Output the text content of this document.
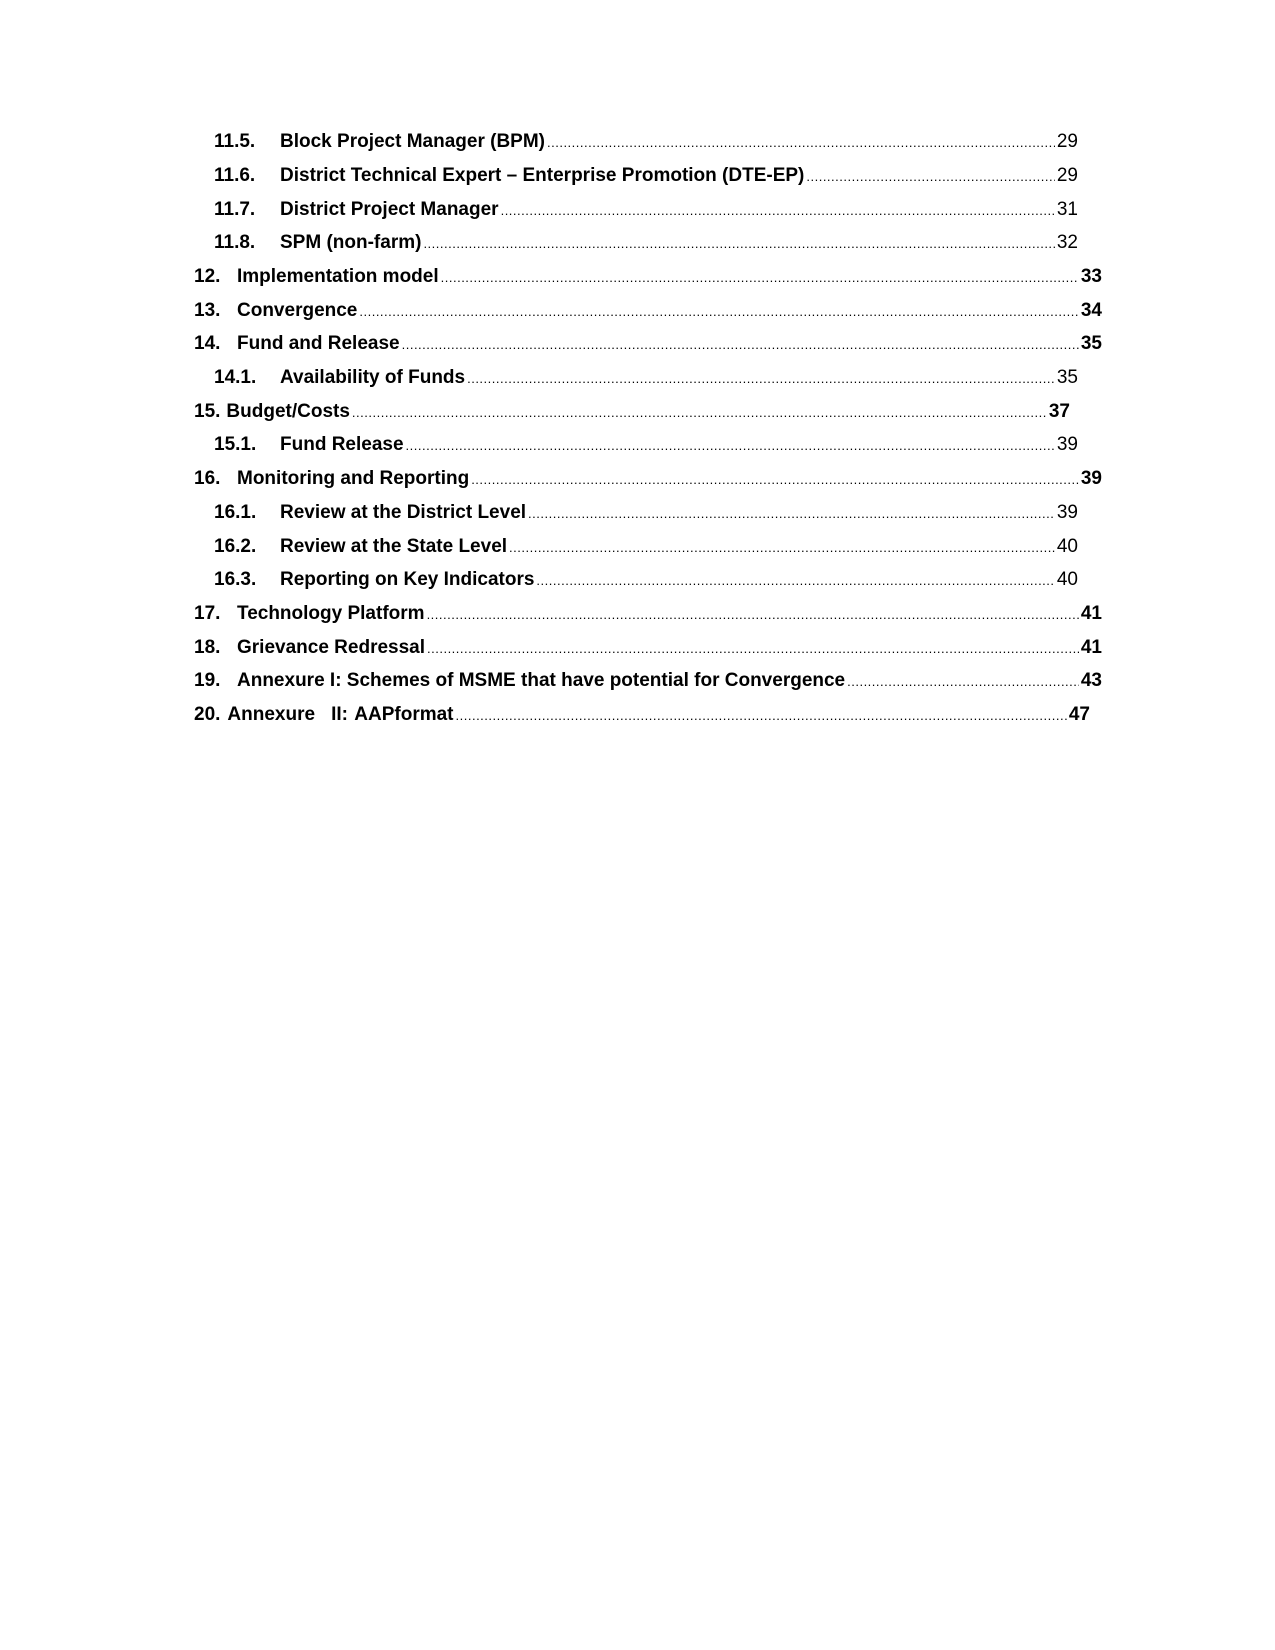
11.5.	Block Project Manager (BPM) .....	29
11.6.	District Technical Expert – Enterprise Promotion (DTE-EP) .....	29
11.7.	District Project Manager .....	31
11.8.	SPM (non-farm) .....	32
12. Implementation model .....	33
13. Convergence .....	34
14. Fund and Release .....	35
14.1.	Availability of Funds .....	35
15. Budget/Costs .....	37
15.1.	Fund Release .....	39
16. Monitoring and Reporting .....	39
16.1.	Review at the District Level .....	39
16.2.	Review at the State Level .....	40
16.3.	Reporting on Key Indicators .....	40
17. Technology Platform .....	41
18. Grievance Redressal .....	41
19. Annexure I: Schemes of MSME that have potential for Convergence .....	43
20. Annexure II: AAPformat .....	47
